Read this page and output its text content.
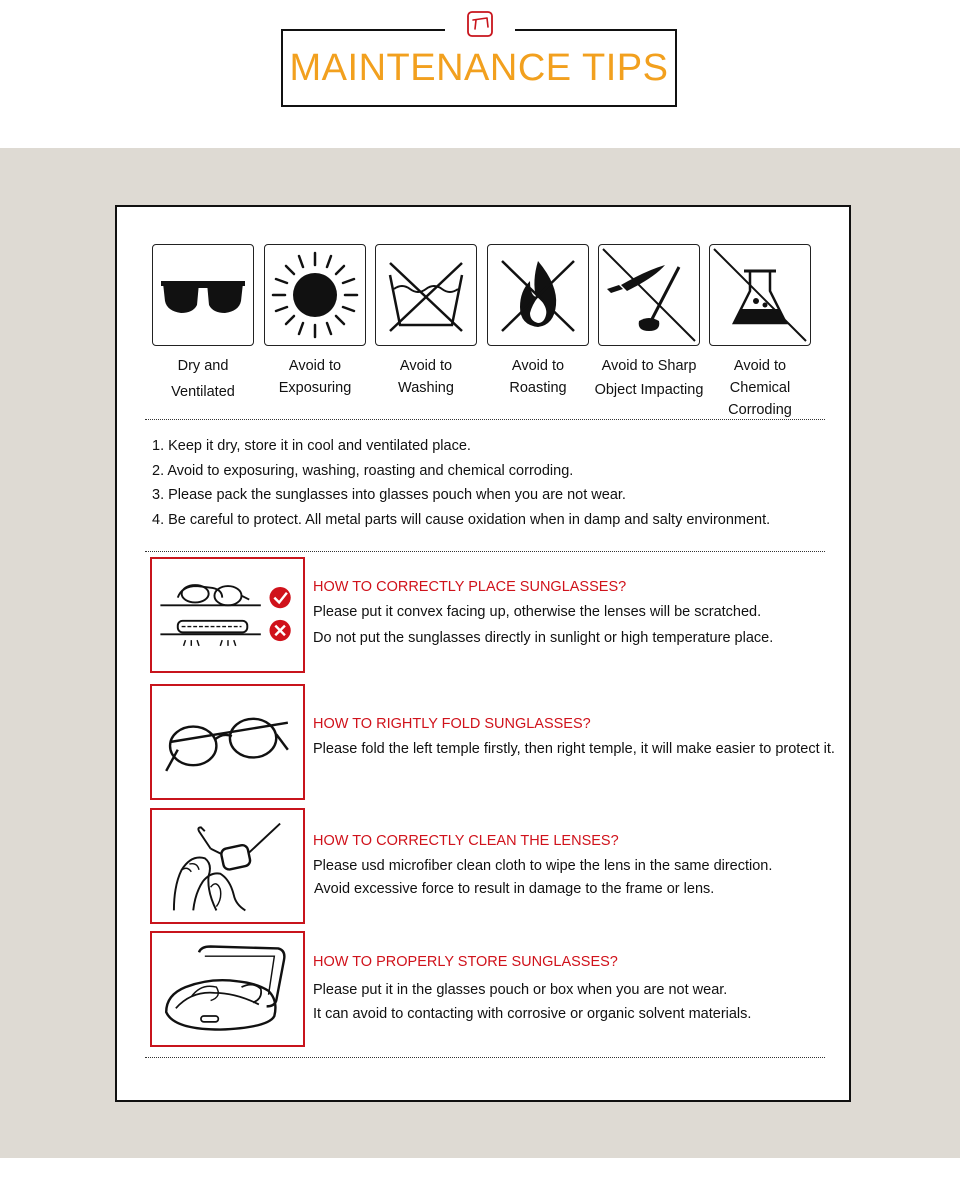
MAINTENANCE TIPS
Dry and
Ventilated
Avoid to
Exposuring
Avoid to
Washing
Avoid to
Roasting
Avoid to Sharp
Object Impacting
Avoid to Chemical
Corroding
1. Keep it dry, store it in cool and ventilated place.
2. Avoid to exposuring, washing, roasting and chemical corroding.
3. Please pack the sunglasses into glasses pouch when you are not wear.
4. Be careful to protect. All metal parts will cause oxidation when in damp and salty environment.
HOW TO CORRECTLY PLACE SUNGLASSES?
Please put it convex facing up, otherwise the lenses will be scratched.
Do not put the sunglasses directly in sunlight or high temperature place.
HOW TO RIGHTLY FOLD SUNGLASSES?
Please fold the left temple firstly, then right temple, it will make easier to protect it.
HOW TO CORRECTLY CLEAN THE LENSES?
Please usd microfiber clean cloth to wipe the lens in the same direction.
Avoid excessive force to result in damage to the frame or lens.
HOW TO PROPERLY STORE SUNGLASSES?
Please put it in the glasses pouch or box when you are not wear.
It can avoid to contacting with corrosive or organic solvent materials.
